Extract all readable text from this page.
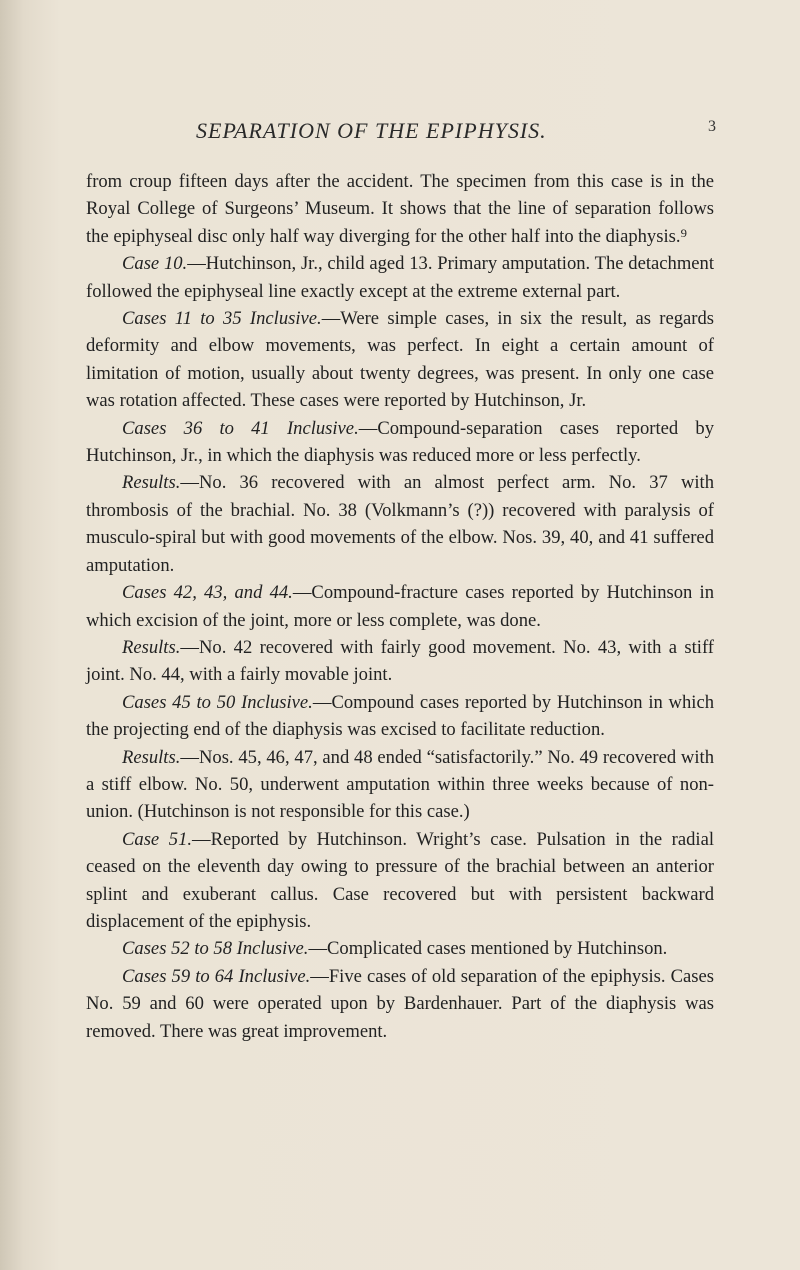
SEPARATION OF THE EPIPHYSIS.	3

from croup fifteen days after the accident. The specimen from this case is in the Royal College of Surgeons’ Museum. It shows that the line of separation follows the epiphyseal disc only half way diverging for the other half into the diaphysis.⁹

Case 10.—Hutchinson, Jr., child aged 13. Primary amputation. The detachment followed the epiphyseal line exactly except at the extreme external part.

Cases 11 to 35 Inclusive.—Were simple cases, in six the result, as regards deformity and elbow movements, was perfect. In eight a certain amount of limitation of motion, usually about twenty degrees, was present. In only one case was rotation affected. These cases were reported by Hutchinson, Jr.

Cases 36 to 41 Inclusive.—Compound-separation cases reported by Hutchinson, Jr., in which the diaphysis was reduced more or less perfectly.

Results.—No. 36 recovered with an almost perfect arm. No. 37 with thrombosis of the brachial. No. 38 (Volkmann’s (?)) recovered with paralysis of musculo-spiral but with good movements of the elbow. Nos. 39, 40, and 41 suffered amputation.

Cases 42, 43, and 44.—Compound-fracture cases reported by Hutchinson in which excision of the joint, more or less complete, was done.

Results.—No. 42 recovered with fairly good movement. No. 43, with a stiff joint. No. 44, with a fairly movable joint.

Cases 45 to 50 Inclusive.—Compound cases reported by Hutchinson in which the projecting end of the diaphysis was excised to facilitate reduction.

Results.—Nos. 45, 46, 47, and 48 ended “satisfactorily.” No. 49 recovered with a stiff elbow. No. 50, underwent amputation within three weeks because of non-union. (Hutchinson is not responsible for this case.)

Case 51.—Reported by Hutchinson. Wright’s case. Pulsation in the radial ceased on the eleventh day owing to pressure of the brachial between an anterior splint and exuberant callus. Case recovered but with persistent backward displacement of the epiphysis.

Cases 52 to 58 Inclusive.—Complicated cases mentioned by Hutchinson.

Cases 59 to 64 Inclusive.—Five cases of old separation of the epiphysis. Cases No. 59 and 60 were operated upon by Bardenhauer. Part of the diaphysis was removed. There was great improvement.
